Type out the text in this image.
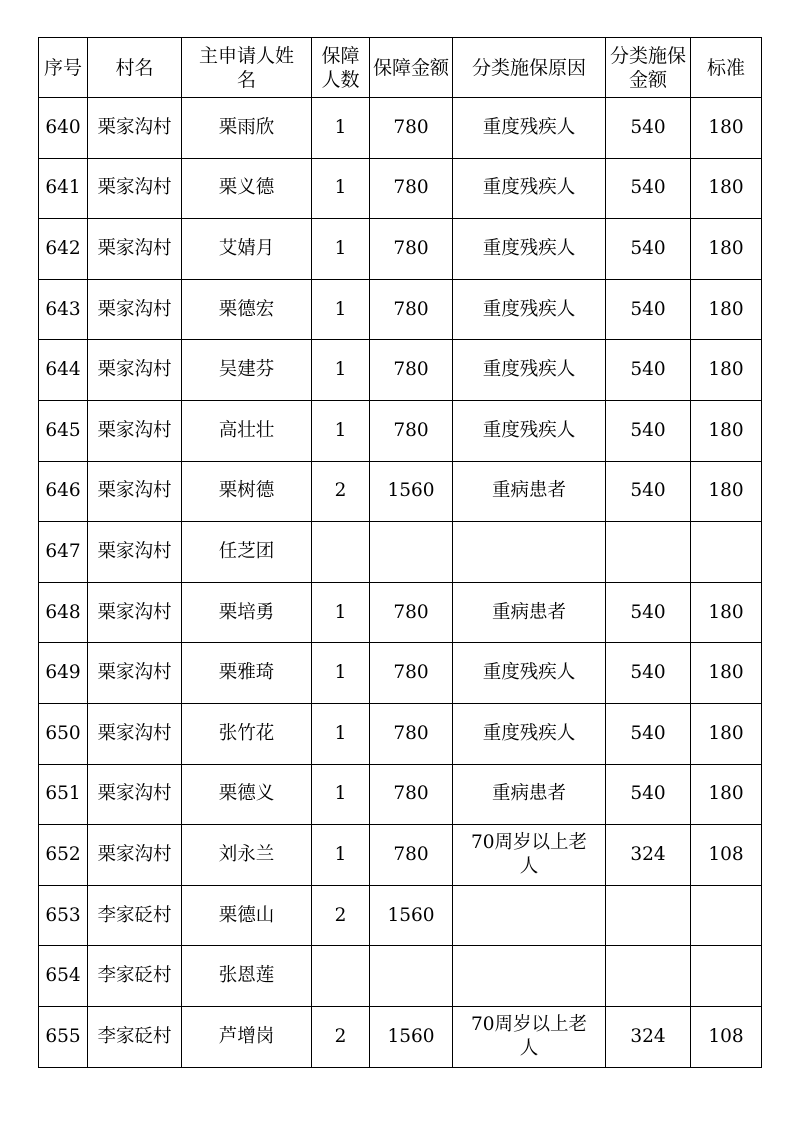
序号	村名	主申请人姓名	保障人数	保障金额	分类施保原因	分类施保金额	标准
640	栗家沟村	栗雨欣	1	780	重度残疾人	540	180
641	栗家沟村	栗义德	1	780	重度残疾人	540	180
642	栗家沟村	艾婧月	1	780	重度残疾人	540	180
643	栗家沟村	栗德宏	1	780	重度残疾人	540	180
644	栗家沟村	吴建芬	1	780	重度残疾人	540	180
645	栗家沟村	高壮壮	1	780	重度残疾人	540	180
646	栗家沟村	栗树德	2	1560	重病患者	540	180
647	栗家沟村	任芝团					
648	栗家沟村	栗培勇	1	780	重病患者	540	180
649	栗家沟村	栗雅琦	1	780	重度残疾人	540	180
650	栗家沟村	张竹花	1	780	重度残疾人	540	180
651	栗家沟村	栗德义	1	780	重病患者	540	180
652	栗家沟村	刘永兰	1	780	70周岁以上老人	324	108
653	李家砭村	栗德山	2	1560			
654	李家砭村	张恩莲					
655	李家砭村	芦增岗	2	1560	70周岁以上老人	324	108
